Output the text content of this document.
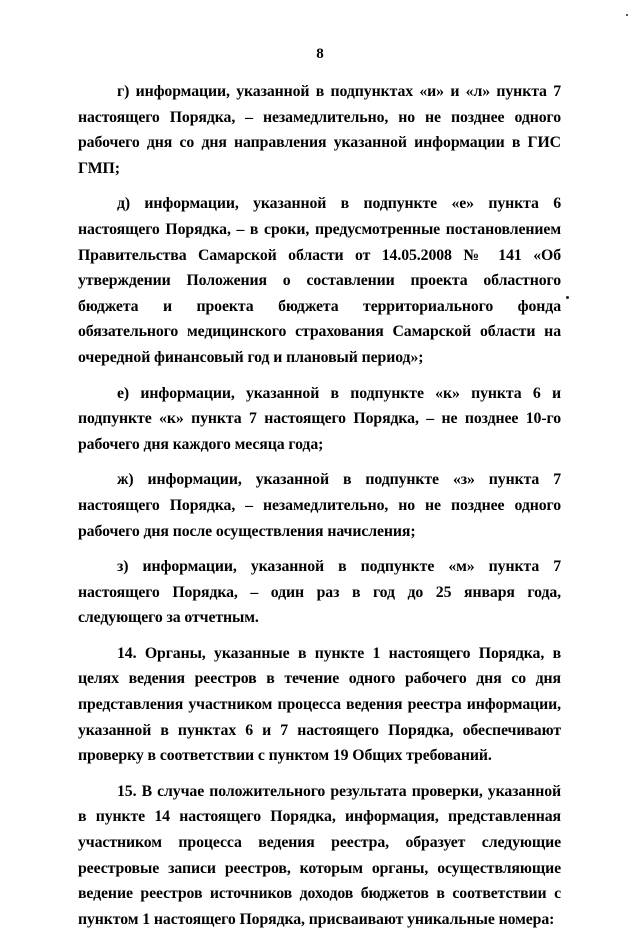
8

г) информации, указанной в подпунктах «и» и «л» пункта 7 настоящего Порядка, – незамедлительно, но не позднее одного рабочего дня со дня направления указанной информации в ГИС ГМП;

д) информации, указанной в подпункте «е» пункта 6 настоящего Порядка, – в сроки, предусмотренные постановлением Правительства Самарской области от 14.05.2008 № 141 «Об утверждении Положения о составлении проекта областного бюджета и проекта бюджета территориального фонда обязательного медицинского страхования Самарской области на очередной финансовый год и плановый период»;

е) информации, указанной в подпункте «к» пункта 6 и подпункте «к» пункта 7 настоящего Порядка, – не позднее 10-го рабочего дня каждого месяца года;

ж) информации, указанной в подпункте «з» пункта 7 настоящего Порядка, – незамедлительно, но не позднее одного рабочего дня после осуществления начисления;

з) информации, указанной в подпункте «м» пункта 7 настоящего Порядка, – один раз в год до 25 января года, следующего за отчетным.

14. Органы, указанные в пункте 1 настоящего Порядка, в целях ведения реестров в течение одного рабочего дня со дня представления участником процесса ведения реестра информации, указанной в пунктах 6 и 7 настоящего Порядка, обеспечивают проверку в соответствии с пунктом 19 Общих требований.

15. В случае положительного результата проверки, указанной в пункте 14 настоящего Порядка, информация, представленная участником процесса ведения реестра, образует следующие реестровые записи реестров, которым органы, осуществляющие ведение реестров источников доходов бюджетов в соответствии с пунктом 1 настоящего Порядка, присваивают уникальные номера:
